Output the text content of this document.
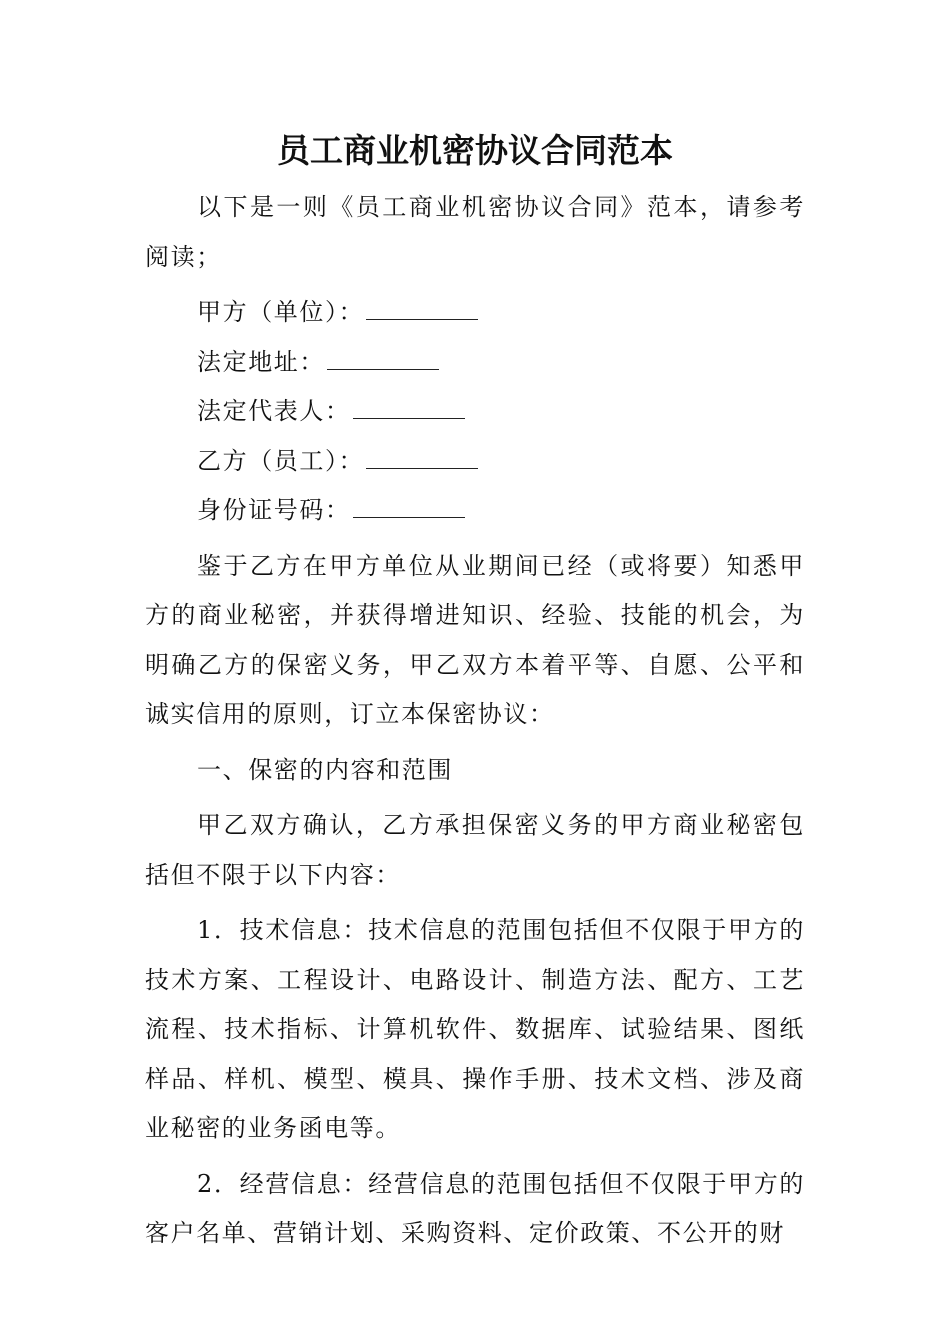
员工商业机密协议合同范本

以下是一则《员工商业机密协议合同》范本，请参考阅读；

甲方（单位）：
法定地址：
法定代表人：
乙方（员工）：
身份证号码：

鉴于乙方在甲方单位从业期间已经（或将要）知悉甲方的商业秘密，并获得增进知识、经验、技能的机会，为明确乙方的保密义务，甲乙双方本着平等、自愿、公平和诚实信用的原则，订立本保密协议：

一、保密的内容和范围

甲乙双方确认，乙方承担保密义务的甲方商业秘密包括但不限于以下内容：

1．技术信息：技术信息的范围包括但不仅限于甲方的技术方案、工程设计、电路设计、制造方法、配方、工艺流程、技术指标、计算机软件、数据库、试验结果、图纸样品、样机、模型、模具、操作手册、技术文档、涉及商业秘密的业务函电等。

2．经营信息：经营信息的范围包括但不仅限于甲方的客户名单、营销计划、采购资料、定价政策、不公开的财
